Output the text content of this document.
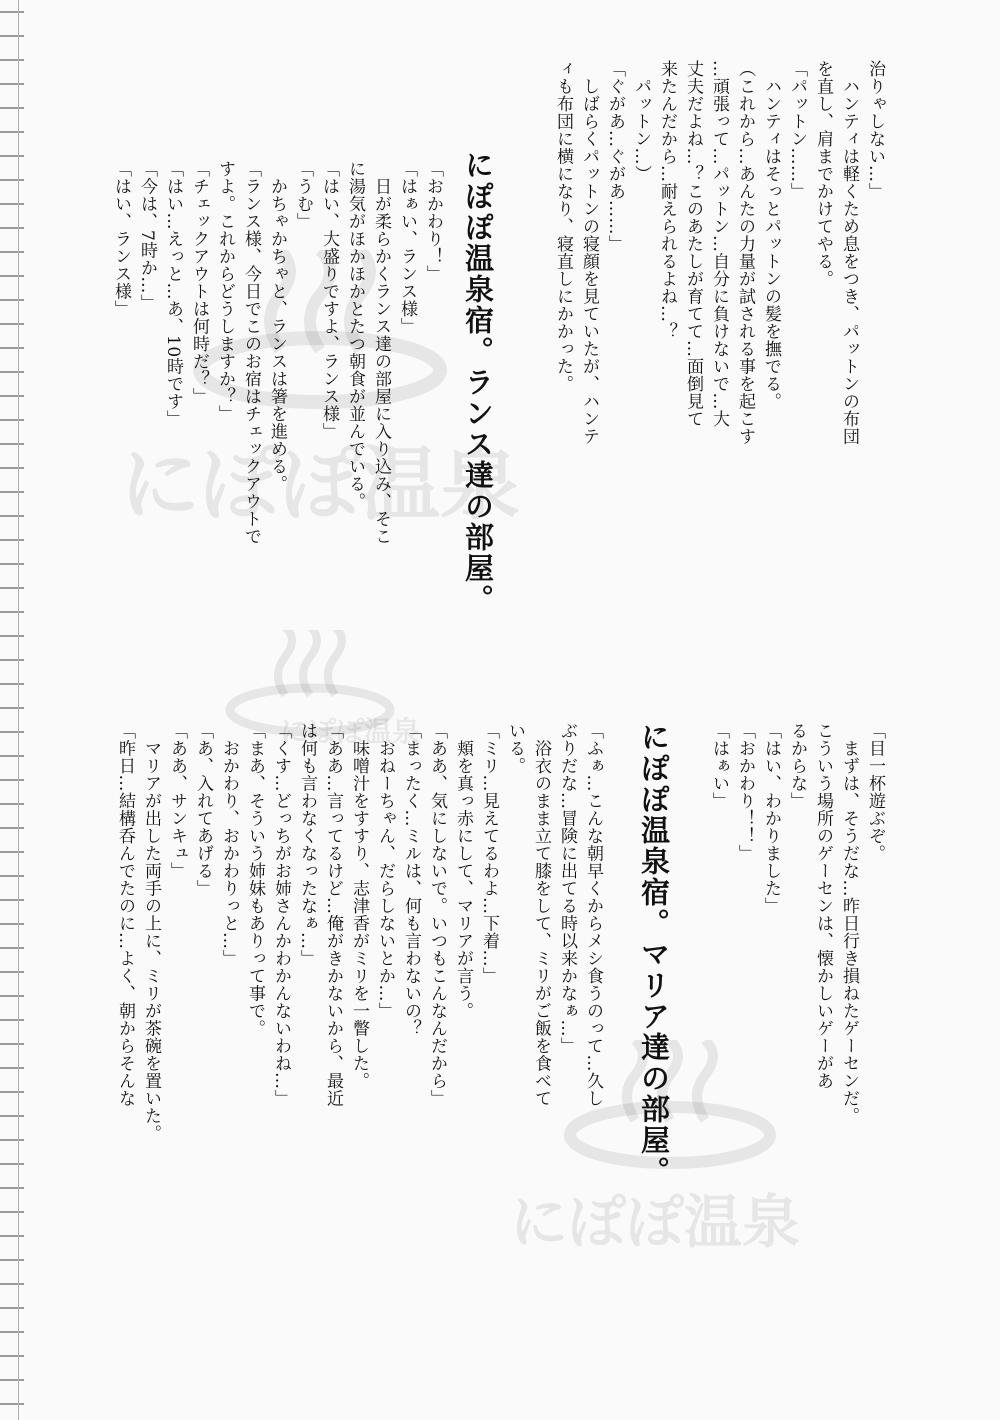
にぽぽ温泉
にぽぽ温泉
にぽぽ温泉
治りゃしない…」
　ハンティは軽くため息をつき、パットンの布団
を直し、肩までかけてやる。
「パットン……」
　ハンティはそっとパットンの髪を撫でる。
（これから…あんたの力量が試される事を起こす
…頑張って…パットン…自分に負けないで…大
丈夫だよね…？このあたしが育てて…面倒見て
来たんだから…耐えられるよね…？
　パットン…）
「ぐがあ…ぐがあ……」
　しばらくパットンの寝顔を見ていたが、ハンテ
ィも布団に横になり、寝直しにかかった。
にぽぽ温泉宿。ランス達の部屋。
「おかわり！」
「はぁい、ランス様」
　日が柔らかくランス達の部屋に入り込み、そこ
に湯気がほかほかとたつ朝食が並んでいる。
「はい、大盛りですよ、ランス様」
「うむ」
　かちゃかちゃと、ランスは箸を進める。
「ランス様、今日でこのお宿はチェックアウトで
すよ。これからどうしますか？」
「チェックアウトは何時だ？」
「はい…えっと…あ、10時です」
「今は、7時か…」
「はい、ランス様」
「目一杯遊ぶぞ。
　まずは、そうだな…昨日行き損ねたゲーセンだ。
こういう場所のゲーセンは、懐かしいゲーがあ
るからな」
「はい、わかりました」
「おかわり！！」
「はぁい」
にぽぽ温泉宿。マリア達の部屋。
「ふぁ…こんな朝早くからメシ食うのって…久し
ぶりだな…冒険に出てる時以来かなぁ…」
　浴衣のまま立て膝をして、ミリがご飯を食べて
いる。
「ミリ…見えてるわよ…下着…」
　頬を真っ赤にして、マリアが言う。
「ああ、気にしないで。いつもこんなんだから」
「まったく…ミルは、何も言わないの？
　おねーちゃん、だらしないとか…」
　味噌汁をすすり、志津香がミリを一瞥した。
「ああ…言ってるけど…俺がきかないから、最近
は何も言わなくなったなぁ…」
「くす…どっちがお姉さんかわかんないわね…」
「まあ、そういう姉妹もありって事で。
　おかわり、おかわりっと…」
「あ、入れてあげる」
「ああ、サンキュ」
　マリアが出した両手の上に、ミリが茶碗を置いた。
「昨日…結構呑んでたのに…よく、朝からそんな
